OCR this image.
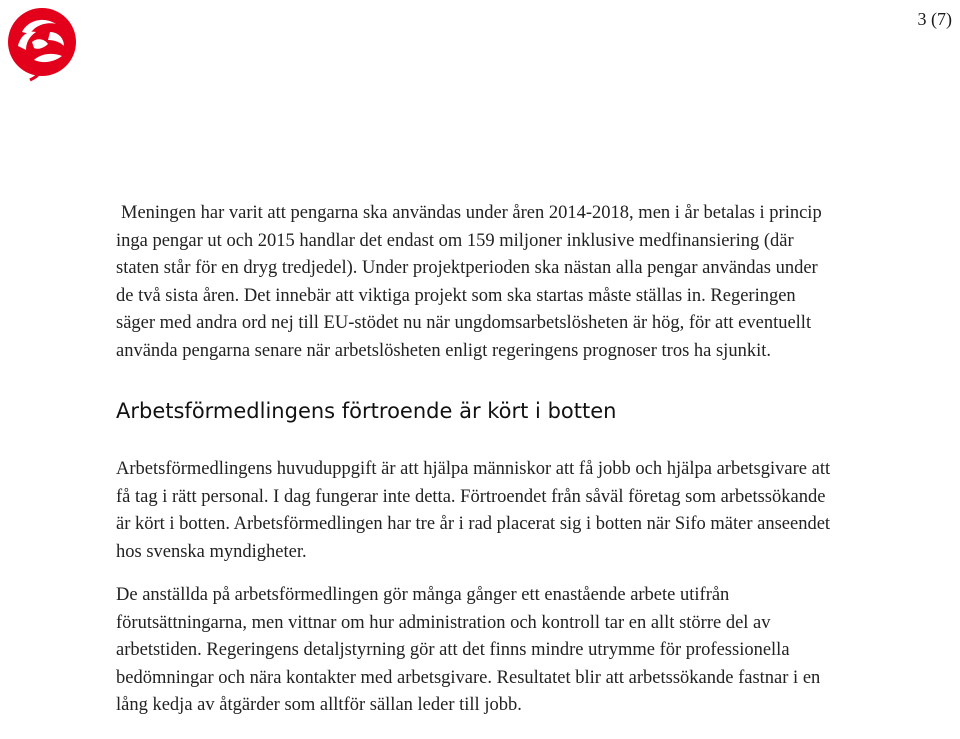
3 (7)

Meningen har varit att pengarna ska användas under åren 2014-2018, men i år betalas i princip inga pengar ut och 2015 handlar det endast om 159 miljoner inklusive medfinansiering (där staten står för en dryg tredjedel). Under projektperioden ska nästan alla pengar användas under de två sista åren. Det innebär att viktiga projekt som ska startas måste ställas in. Regeringen säger med andra ord nej till EU-stödet nu när ungdomsarbetslösheten är hög, för att eventuellt använda pengarna senare när arbetslösheten enligt regeringens prognoser tros ha sjunkit.

Arbetsförmedlingens förtroende är kört i botten

Arbetsförmedlingens huvuduppgift är att hjälpa människor att få jobb och hjälpa arbetsgivare att få tag i rätt personal. I dag fungerar inte detta. Förtroendet från såväl företag som arbetssökande är kört i botten. Arbetsförmedlingen har tre år i rad placerat sig i botten när Sifo mäter anseendet hos svenska myndigheter.

De anställda på arbetsförmedlingen gör många gånger ett enastående arbete utifrån förutsättningarna, men vittnar om hur administration och kontroll tar en allt större del av arbetstiden. Regeringens detaljstyrning gör att det finns mindre utrymme för professionella bedömningar och nära kontakter med arbetsgivare. Resultatet blir att arbetssökande fastnar i en lång kedja av åtgärder som alltför sällan leder till jobb.
